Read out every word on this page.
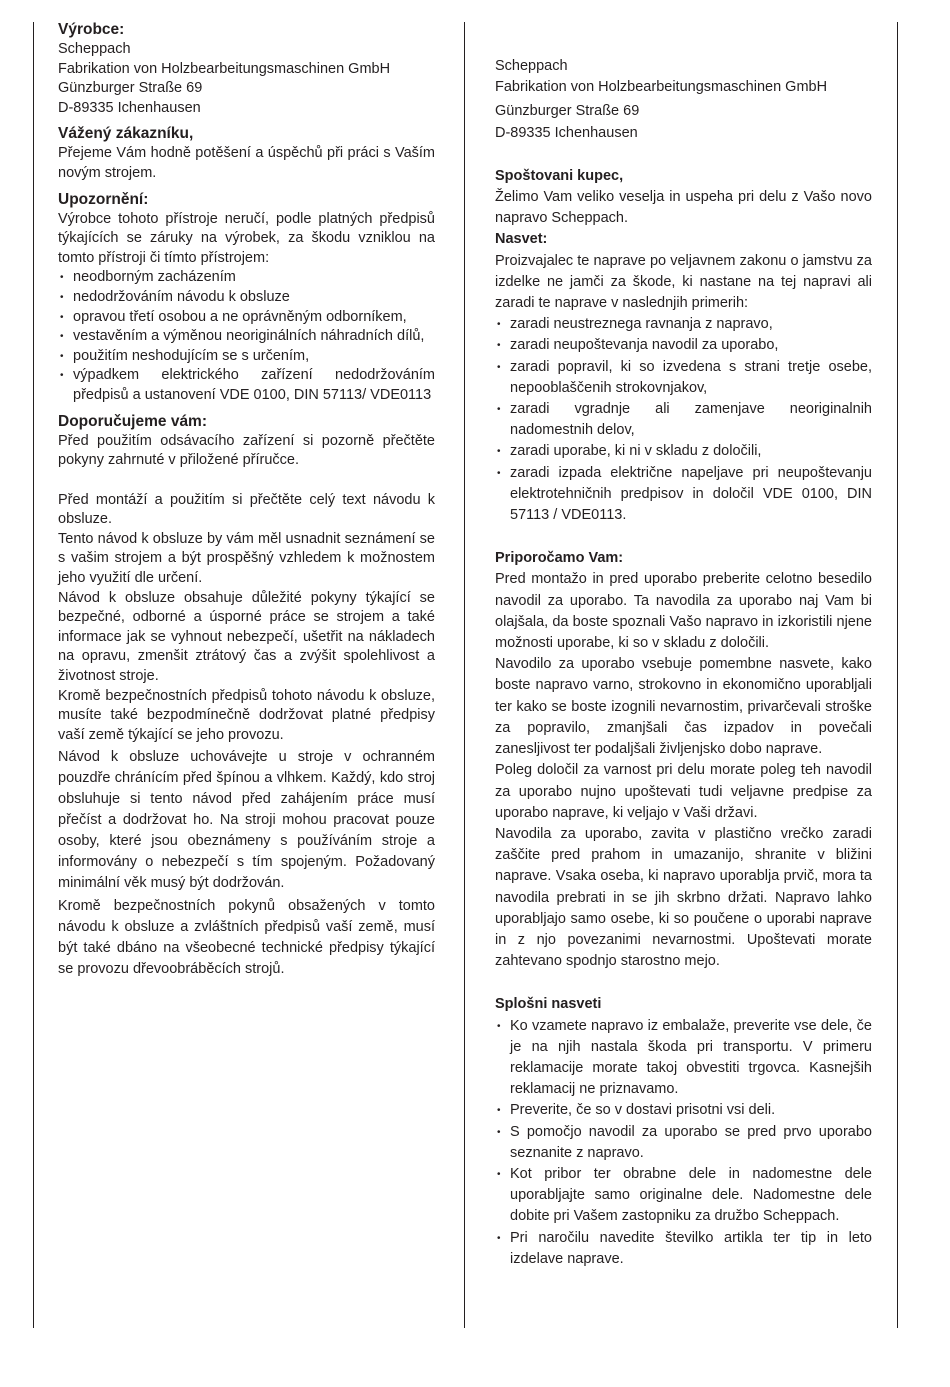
Výrobce:

Scheppach
Fabrikation von Holzbearbeitungsmaschinen GmbH
Günzburger Straße 69
D-89335 Ichenhausen

Vážený zákazníku,

Přejeme Vám hodně potěšení a úspěchů při práci s Vaším novým strojem.

Upozornění:

Výrobce tohoto přístroje neručí, podle platných předpisů týkajících se záruky na výrobek, za škodu vzniklou na tomto přístroji či tímto přístrojem:

• neodborným zacházením
• nedodržováním návodu k obsluze
• opravou třetí osobou a ne oprávněným odborníkem,
• vestavěním a výměnou neoriginálních náhradních dílů,
• použitím neshodujícím se s určením,
• výpadkem elektrického zařízení nedodržováním předpisů a ustanovení VDE 0100, DIN 57113/ VDE0113

Doporučujeme vám:

Před použitím odsávacího zařízení si pozorně přečtěte pokyny zahrnuté v přiložené příručce.

Před montáží a použitím si přečtěte celý text návodu k obsluze.

Tento návod k obsluze by vám měl usnadnit seznámení se s vašim strojem a být prospěšný vzhledem k možnostem jeho využití dle určení.

Návod k obsluze obsahuje důležité pokyny týkající se bezpečné, odborné a úsporné práce se strojem a také informace jak se vyhnout nebezpečí, ušetřit na nákladech na opravu, zmenšit ztrátový čas a zvýšit spolehlivost a životnost stroje.

Kromě bezpečnostních předpisů tohoto návodu k obsluze, musíte také bezpodmínečně dodržovat platné předpisy vaší země týkající se jeho provozu.

Návod k obsluze uchovávejte u stroje v ochranném pouzdře chránícím před špínou a vlhkem. Každý, kdo stroj obsluhuje si tento návod před zahájením práce musí přečíst a dodržovat ho. Na stroji mohou pracovat pouze osoby, které jsou obeznámeny s používáním stroje a informovány o nebezpečí s tím spojeným. Požadovaný minimální věk musý být dodržován.

Kromě bezpečnostních pokynů obsažených v tomto návodu k obsluze a zvláštních předpisů vaší země, musí být také dbáno na všeobecné technické předpisy týkající se provozu dřevoobráběcích strojů.

Scheppach
Fabrikation von Holzbearbeitungsmaschinen GmbH
Günzburger Straße 69
D-89335 Ichenhausen

Spoštovani kupec,

Želimo Vam veliko veselja in uspeha pri delu z Vašo novo napravo Scheppach.

Nasvet:

Proizvajalec te naprave po veljavnem zakonu o jamstvu za izdelke ne jamči za škode, ki nastane na tej napravi ali zaradi te naprave v naslednjih primerih:

• zaradi neustreznega ravnanja z napravo,
• zaradi neupoštevanja navodil za uporabo,
• zaradi popravil, ki so izvedena s strani tretje osebe, nepooblaščenih strokovnjakov,
• zaradi vgradnje ali zamenjave neoriginalnih nadomestnih delov,
• zaradi uporabe, ki ni v skladu z določili,
• zaradi izpada električne napeljave pri neupoštevanju elektrotehničnih predpisov in določil VDE 0100, DIN 57113 / VDE0113.

Priporočamo Vam:

Pred montažo in pred uporabo preberite celotno besedilo navodil za uporabo. Ta navodila za uporabo naj Vam bi olajšala, da boste spoznali Vašo napravo in izkoristili njene možnosti uporabe, ki so v skladu z določili.

Navodilo za uporabo vsebuje pomembne nasvete, kako boste napravo varno, strokovno in ekonomično uporabljali ter kako se boste izognili nevarnostim, privarčevali stroške za popravilo, zmanjšali čas izpadov in povečali zanesljivost ter podaljšali življenjsko dobo naprave.

Poleg določil za varnost pri delu morate poleg teh navodil za uporabo nujno upoštevati tudi veljavne predpise za uporabo naprave, ki veljajo v Vaši državi.

Navodila za uporabo, zavita v plastično vrečko zaradi zaščite pred prahom in umazanijo, shranite v bližini naprave. Vsaka oseba, ki napravo uporablja prvič, mora ta navodila prebrati in se jih skrbno držati. Napravo lahko uporabljajo samo osebe, ki so poučene o uporabi naprave in z njo povezanimi nevarnostmi. Upoštevati morate zahtevano spodnjo starostno mejo.

Splošni nasveti

• Ko vzamete napravo iz embalaže, preverite vse dele, če je na njih nastala škoda pri transportu. V primeru reklamacije morate takoj obvestiti trgovca. Kasnejših reklamacij ne priznavamo.
• Preverite, če so v dostavi prisotni vsi deli.
• S pomočjo navodil za uporabo se pred prvo uporabo seznanite z napravo.
• Kot pribor ter obrabne dele in nadomestne dele uporabljajte samo originalne dele. Nadomestne dele dobite pri Vašem zastopniku za družbo Scheppach.
• Pri naročilu navedite številko artikla ter tip in leto izdelave naprave.
